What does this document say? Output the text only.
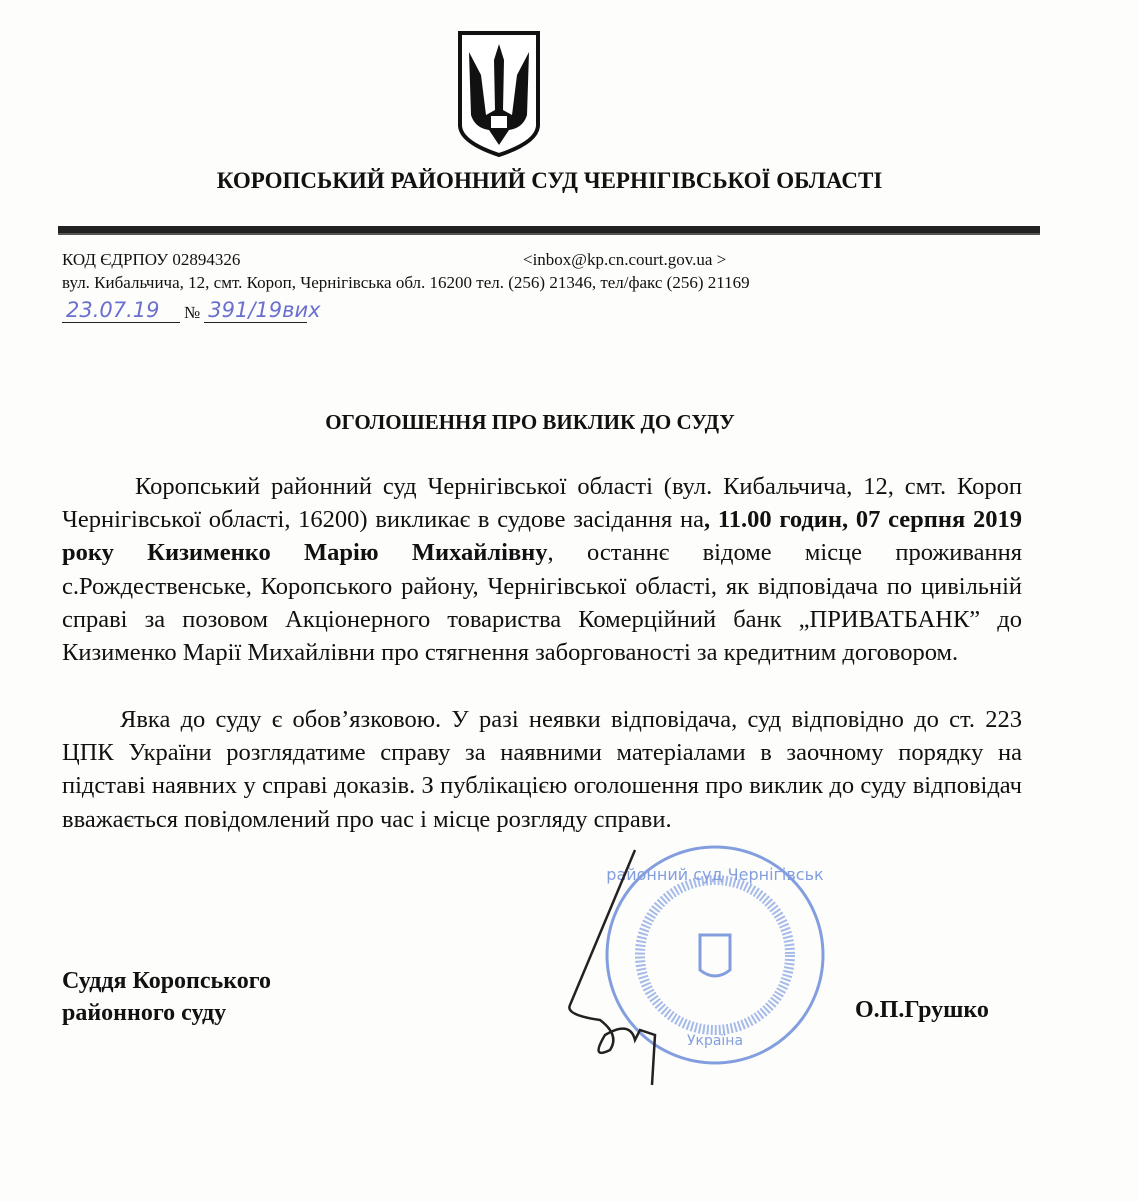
КОРОПСЬКИЙ РАЙОННИЙ СУД ЧЕРНІГІВСЬКОЇ ОБЛАСТІ
КОД ЄДРПОУ 02894326	<inbox@kp.cn.court.gov.ua >
вул. Кибальчича, 12, смт. Короп, Чернігівська обл. 16200 тел. (256) 21346, тел/факс (256) 21169
23.07.19	№ 391/19вих
ОГОЛОШЕННЯ ПРО ВИКЛИК ДО СУДУ
Коропський районний суд Чернігівської області (вул. Кибальчича, 12, смт. Короп Чернігівської області, 16200) викликає в судове засідання на, 11.00 годин, 07 серпня 2019 року Кизименко Марію Михайлівну, останнє відоме місце проживання с.Рождественське, Коропського району, Чернігівської області, як відповідача по цивільній справі за позовом Акціонерного товариства Комерційний банк „ПРИВАТБАНК” до Кизименко Марії Михайлівни про стягнення заборгованості за кредитним договором.
Явка до суду є обов’язковою. У разі неявки відповідача, суд відповідно до ст. 223 ЦПК України розглядатиме справу за наявними матеріалами в заочному порядку на підставі наявних у справі доказів. З публікацією оголошення про виклик до суду відповідач вважається повідомлений про час і місце розгляду справи.
Суддя Коропського
районного суду	О.П.Грушко
районний суд Чернігівськ
Україна
